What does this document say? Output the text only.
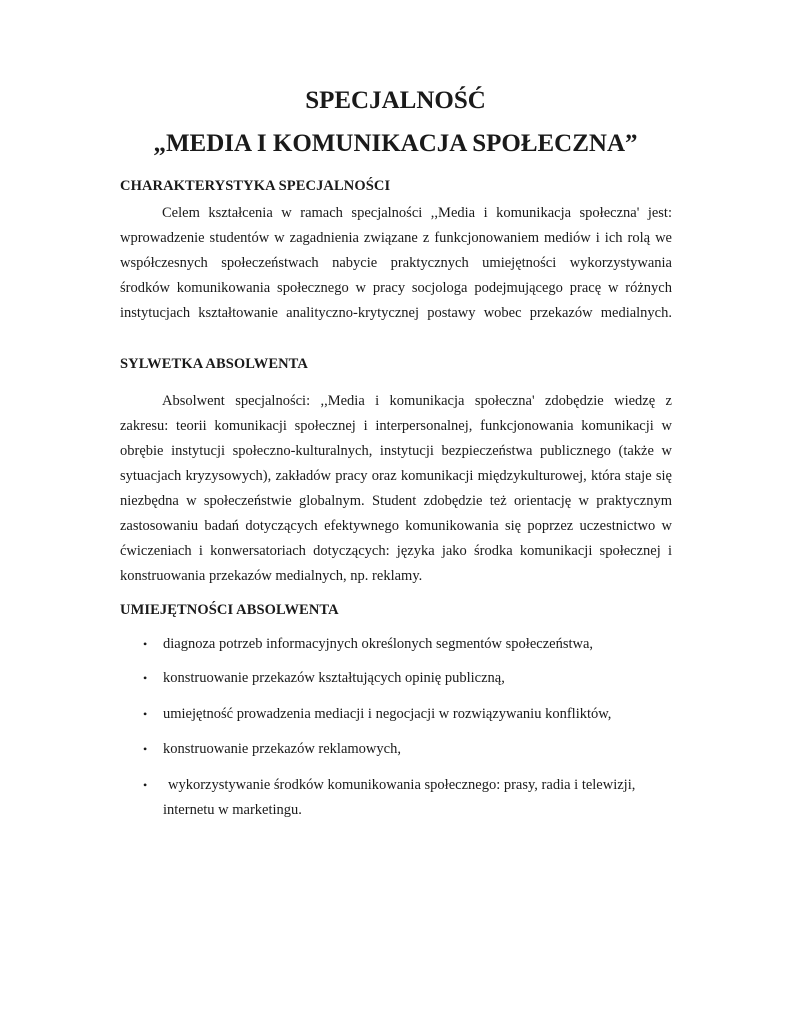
SPECJALNOŚĆ
„MEDIA I KOMUNIKACJA SPOŁECZNA”
CHARAKTERYSTYKA SPECJALNOŚCI
Celem kształcenia w ramach specjalności ,,Media i komunikacja społeczna' jest:
wprowadzenie studentów w zagadnienia związane z funkcjonowaniem mediów i ich rolą we
współczesnych społeczeństwach nabycie praktycznych umiejętności wykorzystywania
środków komunikowania społecznego w pracy socjologa podejmującego pracę w różnych
instytucjach kształtowanie analityczno-krytycznej postawy wobec przekazów medialnych.
SYLWETKA ABSOLWENTA
Absolwent specjalności: ,,Media i komunikacja społeczna' zdobędzie wiedzę z
zakresu: teorii komunikacji społecznej i interpersonalnej, funkcjonowania komunikacji w
obrębie instytucji społeczno-kulturalnych, instytucji bezpieczeństwa publicznego (także w
sytuacjach kryzysowych), zakładów pracy oraz komunikacji międzykulturowej, która staje się
niezbędna w społeczeństwie globalnym. Student zdobędzie też orientację w praktycznym
zastosowaniu badań dotyczących efektywnego komunikowania się poprzez uczestnictwo w
ćwiczeniach i konwersatoriach dotyczących: języka jako środka komunikacji społecznej i
konstruowania przekazów medialnych, np. reklamy.
UMIEJĘTNOŚCI ABSOLWENTA
• diagnoza potrzeb informacyjnych określonych segmentów społeczeństwa,
• konstruowanie przekazów kształtujących opinię publiczną,
• umiejętność prowadzenia mediacji i negocjacji w rozwiązywaniu konfliktów,
• konstruowanie przekazów reklamowych,
•	wykorzystywanie środków komunikowania społecznego: prasy, radia i telewizji,
internetu w marketingu.
